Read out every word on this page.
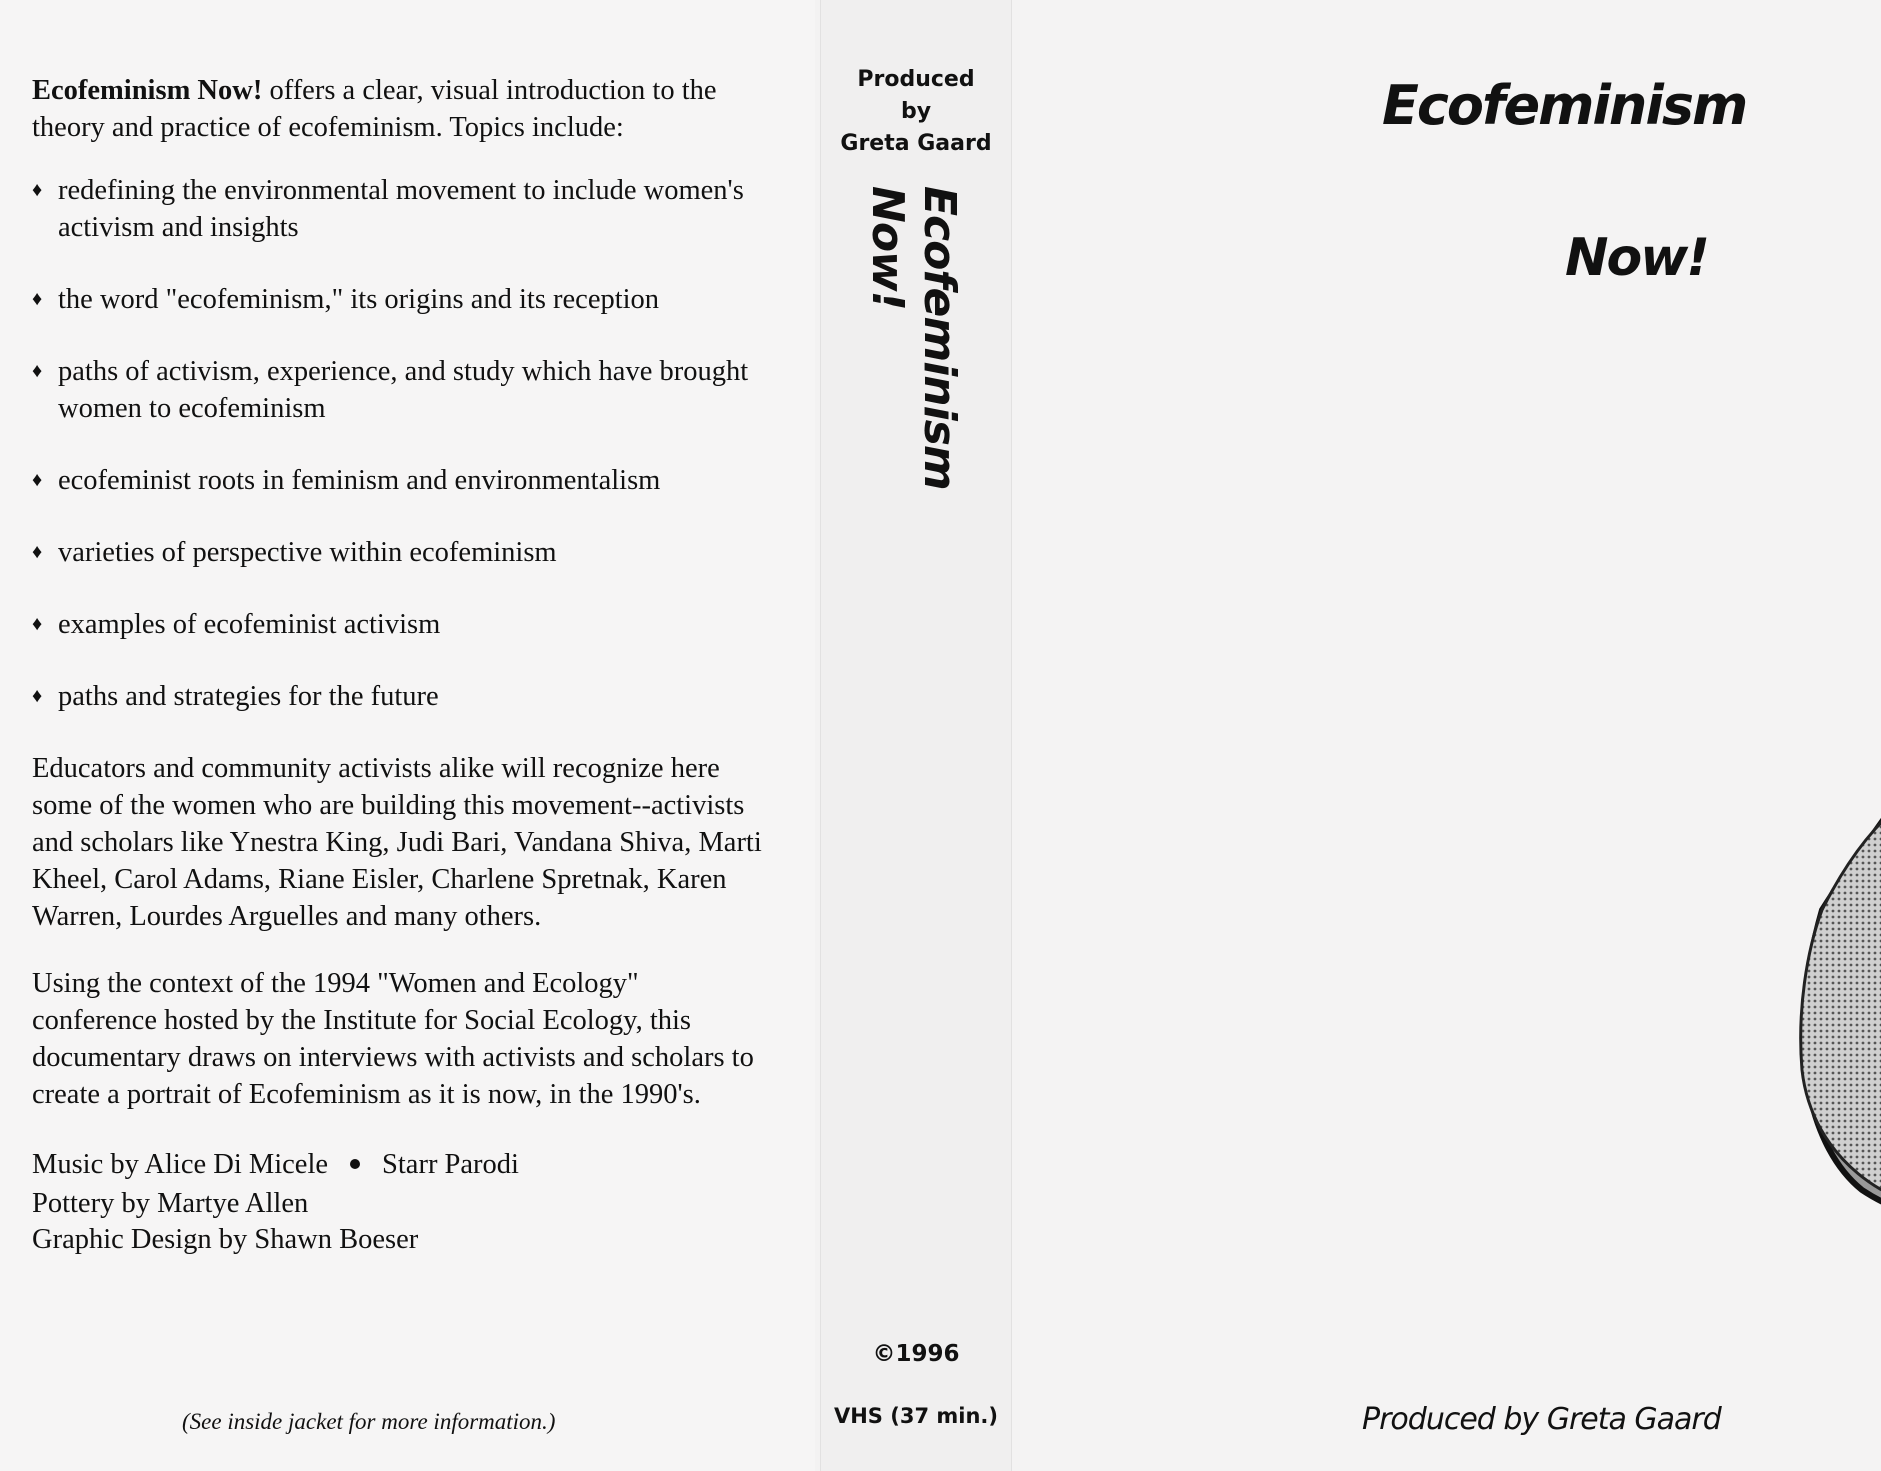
Ecofeminism Now! offers a clear, visual introduction to the theory and practice of ecofeminism. Topics include:

♦ redefining the environmental movement to include women's activism and insights
♦ the word "ecofeminism," its origins and its reception
♦ paths of activism, experience, and study which have brought women to ecofeminism
♦ ecofeminist roots in feminism and environmentalism
♦ varieties of perspective within ecofeminism
♦ examples of ecofeminist activism
♦ paths and strategies for the future

Educators and community activists alike will recognize here some of the women who are building this movement--activists and scholars like Ynestra King, Judi Bari, Vandana Shiva, Marti Kheel, Carol Adams, Riane Eisler, Charlene Spretnak, Karen Warren, Lourdes Arguelles and many others.

Using the context of the 1994 "Women and Ecology" conference hosted by the Institute for Social Ecology, this documentary draws on interviews with activists and scholars to create a portrait of Ecofeminism as it is now, in the 1990's.

Music by Alice Di Micele Starr Parodi
Pottery by Martye Allen
Graphic Design by Shawn Boeser
(See inside jacket for more information.)
Produced
by
Greta Gaard
©1996
VHS (37 min.)
Ecofeminism
Now!
Ecofeminism
Now!
Produced by Greta Gaard
